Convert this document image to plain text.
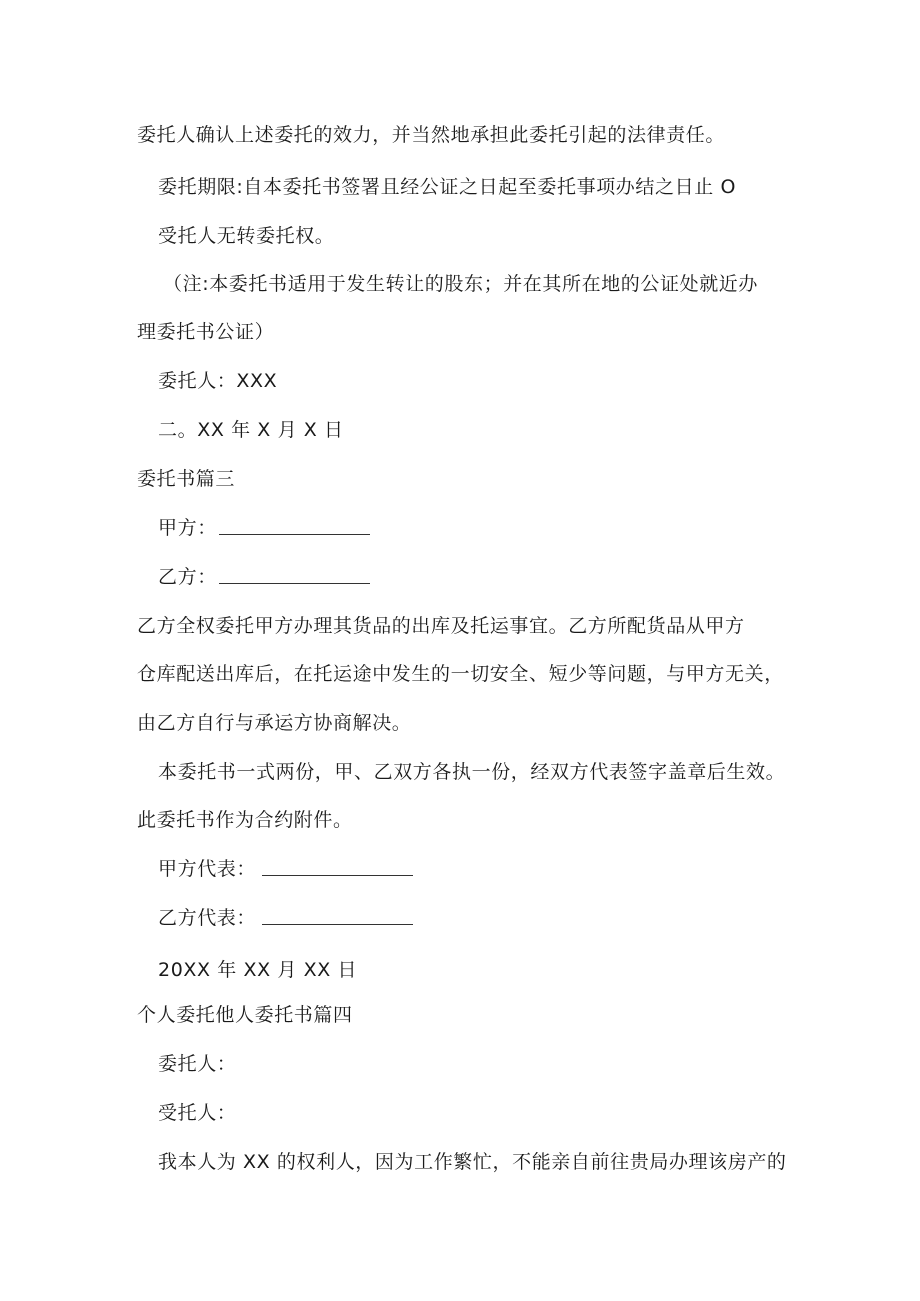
委托人确认上述委托的效力，并当然地承担此委托引起的法律责任。
委托期限:自本委托书签署且经公证之日起至委托事项办结之日止 O
受托人无转委托权。
（注:本委托书适用于发生转让的股东；并在其所在地的公证处就近办
理委托书公证）
委托人：XXX
二。XX 年 X 月 X 日
委托书篇三
甲方：
乙方：
乙方全权委托甲方办理其货品的出库及托运事宜。乙方所配货品从甲方
仓库配送出库后，在托运途中发生的一切安全、短少等问题，与甲方无关，
由乙方自行与承运方协商解决。
本委托书一式两份，甲、乙双方各执一份，经双方代表签字盖章后生效。
此委托书作为合约附件。
甲方代表：
乙方代表：
20XX 年 XX 月 XX 日
个人委托他人委托书篇四
委托人：
受托人：
我本人为 XX 的权利人，因为工作繁忙，不能亲自前往贵局办理该房产的
